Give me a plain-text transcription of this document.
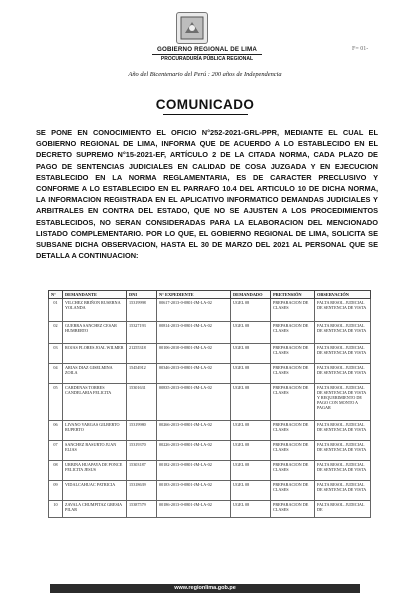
GOBIERNO REGIONAL DE LIMA
PROCURADURÍA PÚBLICA REGIONAL
F= 01-
Año del Bicentenario del Perú : 200 años de Independencia
COMUNICADO
SE PONE EN CONOCIMIENTO EL OFICIO N°252-2021-GRL-PPR, MEDIANTE EL CUAL EL GOBIERNO REGIONAL DE LIMA, INFORMA QUE DE ACUERDO A LO ESTABLECIDO EN EL DECRETO SUPREMO N°15-2021-EF, ARTÍCULO 2 DE LA CITADA NORMA, CADA PLAZO DE PAGO DE SENTENCIAS JUDICIALES EN CALIDAD DE COSA JUZGADA Y EN EJECUCION ESTABLECIDO EN LA NORMA REGLAMENTARIA, ES DE CARACTER PRECLUSIVO Y CONFORME A LO ESTABLECIDO EN EL PARRAFO 10.4 DEL ARTICULO 10 DE DICHA NORMA, LA INFORMACION REGISTRADA EN EL APLICATIVO INFORMATICO DEMANDAS JUDICIALES Y ARBITRALES EN CONTRA DEL ESTADO, QUE NO SE AJUSTEN A LOS PROCEDIMIENTOS ESTABLECIDOS, NO SERAN CONSIDERADAS PARA LA ELABORACION DEL MENCIONADO LISTADO COMPLEMENTARIO. POR LO QUE, EL GOBIERNO REGIONAL DE LIMA, SOLICITA SE SUBSANE DICHA OBSERVACION, HASTA EL 30 DE MARZO DEL 2021 AL PERSONAL QUE SE DETALLA A CONTINUACION:
N°	DEMANDANTE	DNI	N° EXPEDIENTE	DEMANDADO	PRETENSIÓN	OBSERVACIÓN
01	VILCHEZ BRIÑON RUSERNA YOLANDA	15319998	00617-2013-0-0801-JM-LA-02	UGEL 08	PREPARACION DE CLASES	FALTA RESOL. JUDICIAL DE SENTENCIA DE VISTA
02	GUERRA SANCHEZ CESAR HUMBERTO	15327193	00814-2013-0-0801-JM-LA-02	UGEL 08	PREPARACION DE CLASES	FALTA RESOL. JUDICIAL DE SENTENCIA DE VISTA
03	ROJAS FLORES JOAL WILMER	21255318	00106-2010-0-0801-JM-LA-02	UGEL 08	PREPARACION DE CLASES	FALTA RESOL. JUDICIAL DE SENTENCIA DE VISTA
04	ARIAS DIAZ GISELMINA ZOILA	15454912	00346-2013-0-0801-JM-LA-02	UGEL 08	PREPARACION DE CLASES	FALTA RESOL. JUDICIAL DE SENTENCIA DE VISTA
05	CARDENAS TORRES CANDELARIA FELICITA	15301631	00835-2013-0-0801-JM-LA-02	UGEL 08	PREPARACION DE CLASES	FALTA RESOL. JUDICIAL DE SENTENCIA DE VISTA Y REQUERIMIENTO DE PAGO CON MONTO A PAGAR
06	LIVANO VARGAS GILBERTO RUPERTO	15319980	00266-2013-0-0801-JM-LA-02	UGEL 08	PREPARACION DE CLASES	FALTA RESOL. JUDICIAL DE SENTENCIA DE VISTA
07	SANCHEZ BASURTO JUAN ELIAS	15319370	00226-2013-0-0801-JM-LA-02	UGEL 08	PREPARACION DE CLASES	FALTA RESOL. JUDICIAL DE SENTENCIA DE VISTA
08	URBINA HUAPAYA DE PONCE FELICITA JESUS	15303187	00182-2013-0-0801-JM-LA-02	UGEL 08	PREPARACION DE CLASES	FALTA RESOL. JUDICIAL DE SENTENCIA DE VISTA
09	VIDALCAHUAC PATRICIA	15318639	00183-2013-0-0801-JM-LA-02	UGEL 08	PREPARACION DE CLASES	FALTA RESOL. JUDICIAL DE SENTENCIA DE VISTA
10	ZAVALA CHUMPITAZ GRESIA PILAR	15387579	00186-2013-0-0801-JM-LA-02	UGEL 08	PREPARACION DE CLASES	FALTA RESOL. JUDICIAL DE
www.regionlima.gob.pe
